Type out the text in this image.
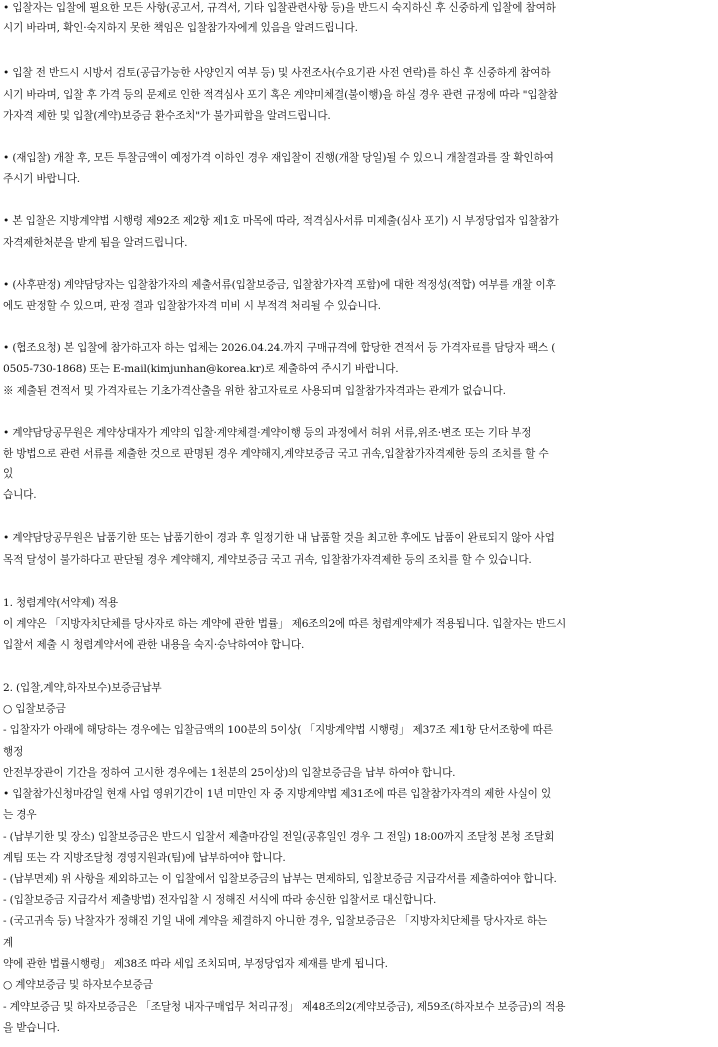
• 입찰자는 입찰에 필요한 모든 사항(공고서, 규격서, 기타 입찰관련사항 등)을 반드시 숙지하신 후 신중하게 입찰에 참여하
시기 바라며, 확인·숙지하지 못한 책임은 입찰참가자에게 있음을 알려드립니다.
• 입찰 전 반드시 시방서 검토(공급가능한 사양인지 여부 등) 및 사전조사(수요기관 사전 연락)를 하신 후 신중하게 참여하
시기 바라며, 입찰 후 가격 등의 문제로 인한 적격심사 포기 혹은 계약미체결(불이행)을 하실 경우 관련 규정에 따라 "입찰참
가자격 제한 및 입찰(계약)보증금 환수조치"가 불가피함을 알려드립니다.
• (재입찰) 개찰 후, 모든 투찰금액이 예정가격 이하인 경우 재입찰이 진행(개찰 당일)될 수 있으니 개찰결과를 잘 확인하여
주시기 바랍니다.
• 본 입찰은 지방계약법 시행령 제92조 제2항 제1호 마목에 따라, 적격심사서류 미제출(심사 포기) 시 부정당업자 입찰참가
자격제한처분을 받게 됨을 알려드립니다.
• (사후판정) 계약담당자는 입찰참가자의 제출서류(입찰보증금, 입찰참가자격 포함)에 대한 적정성(적합) 여부를 개찰 이후
에도 판정할 수 있으며, 판정 결과 입찰참가자격 미비 시 부적격 처리될 수 있습니다.
• (협조요청) 본 입찰에 참가하고자 하는 업체는 2026.04.24.까지 구매규격에 합당한 견적서 등 가격자료를 담당자 팩스 (
0505-730-1868) 또는 E-mail(kimjunhan@korea.kr)로 제출하여 주시기 바랍니다.
※ 제출된 견적서 및 가격자료는 기초가격산출을 위한 참고자료로 사용되며 입찰참가자격과는 관계가 없습니다.
• 계약담당공무원은 계약상대자가 계약의 입찰·계약체결·계약이행 등의 과정에서 허위 서류,위조·변조 또는 기타 부정
한 방법으로 관련 서류를 제출한 것으로 판명된 경우 계약해지,계약보증금 국고 귀속,입찰참가자격제한 등의 조치를 할 수
있
습니다.
• 계약담당공무원은 납품기한 또는 납품기한이 경과 후 일정기한 내 납품할 것을 최고한 후에도 납품이 완료되지 않아 사업
목적 달성이 불가하다고 판단될 경우 계약해지, 계약보증금 국고 귀속, 입찰참가자격제한 등의 조치를 할 수 있습니다.
1. 청렴계약(서약제) 적용
이 계약은 「지방자치단체를 당사자로 하는 계약에 관한 법률」 제6조의2에 따른 청렴계약제가 적용됩니다. 입찰자는 반드시
입찰서 제출 시 청렴계약서에 관한 내용을 숙지·승낙하여야 합니다.
2. (입찰,계약,하자보수)보증금납부
○ 입찰보증금
- 입찰자가 아래에 해당하는 경우에는 입찰금액의 100분의 5이상( 「지방계약법 시행령」 제37조 제1항 단서조항에 따른
행정
안전부장관이 기간을 정하여 고시한 경우에는 1천분의 25이상)의 입찰보증금을 납부 하여야 합니다.
• 입찰참가신청마감일 현재 사업 영위기간이 1년 미만인 자 중 지방계약법 제31조에 따른 입찰참가자격의 제한 사실이 있
는 경우
- (납부기한 및 장소) 입찰보증금은 반드시 입찰서 제출마감일 전일(공휴일인 경우 그 전일) 18:00까지 조달청 본청 조달회
계팀 또는 각 지방조달청 경영지원과(팀)에 납부하여야 합니다.
- (납부면제) 위 사항을 제외하고는 이 입찰에서 입찰보증금의 납부는 면제하되, 입찰보증금 지급각서를 제출하여야 합니다.
- (입찰보증금 지급각서 제출방법) 전자입찰 시 정해진 서식에 따라 송신한 입찰서로 대신합니다.
- (국고귀속 등) 낙찰자가 정해진 기일 내에 계약을 체결하지 아니한 경우, 입찰보증금은 「지방자치단체를 당사자로 하는
계
약에 관한 법률시행령」 제38조 따라 세입 조치되며, 부정당업자 제재를 받게 됩니다.
○ 계약보증금 및 하자보수보증금
- 계약보증금 및 하자보증금은 「조달청 내자구매업무 처리규정」 제48조의2(계약보증금), 제59조(하자보수 보증금)의 적용
을 받습니다.
